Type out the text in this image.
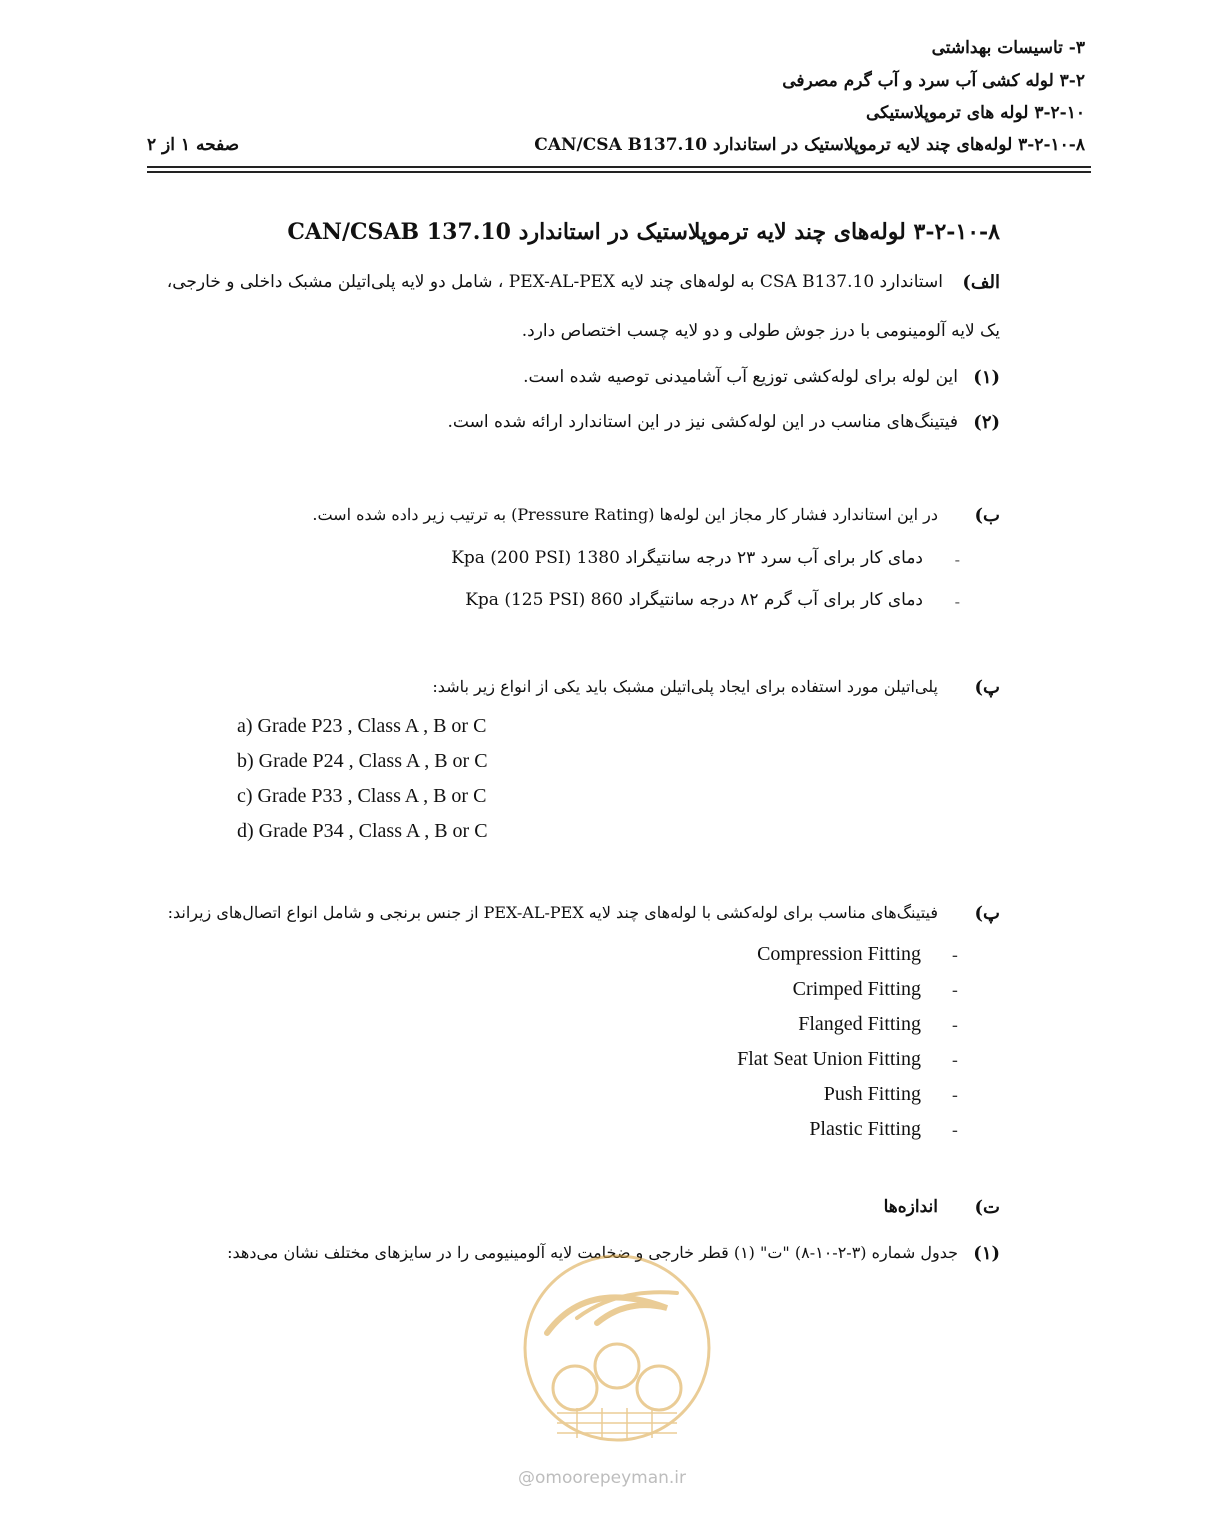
۳- تاسیسات بهداشتی
۳-۲ لوله کشی آب سرد و آب گرم مصرفی
۳-۲-۱۰ لوله های ترموپلاستیکی
۳-۲-۱۰-۸ لوله‌های چند لایه ترموپلاستیک در استاندارد CAN/CSA B137.10
صفحه ۱ از ۲
۳-۲-۱۰-۸ لوله‌های چند لایه ترموپلاستیک در استاندارد CAN/CSAB 137.10
الف)
استاندارد CSA B137.10 به لوله‌های چند لایه PEX-AL-PEX ، شامل دو لایه پلی‌اتیلن مشبک داخلی و خارجی،
یک لایه آلومینومی با درز جوش طولی و دو لایه چسب اختصاص دارد.
(۱)
این لوله برای لوله‌کشی توزیع آب آشامیدنی توصیه شده است.
(۲)
فیتینگ‌های مناسب در این لوله‌کشی نیز در این استاندارد ارائه شده است.
ب)
در این استاندارد فشار کار مجاز این لوله‌ها (Pressure Rating) به ترتیب زیر داده شده است.
-
دمای کار برای آب سرد ۲۳ درجه سانتیگراد 1380 Kpa (200 PSI)
-
دمای کار برای آب گرم ۸۲ درجه سانتیگراد 860 Kpa (125 PSI)
پ)
پلی‌اتیلن مورد استفاده برای ایجاد پلی‌اتیلن مشبک باید یکی از انواع زیر باشد:
a) Grade P23 , Class A , B or C
b) Grade P24 , Class A , B or C
c) Grade P33 , Class A , B or C
d) Grade P34 , Class A , B or C
پ)
فیتینگ‌های مناسب برای لوله‌کشی با لوله‌های چند لایه PEX-AL-PEX از جنس برنجی و شامل انواع اتصال‌های زیراند:
Compression Fitting -
Crimped Fitting -
Flanged Fitting -
Flat Seat Union Fitting -
Push Fitting -
Plastic Fitting -
ت)
اندازه‌ها
(۱)
جدول شماره (۳-۲-۱۰-۸) "ت" (۱) قطر خارجی و ضخامت لایه آلومینیومی را در سایزهای مختلف نشان می‌دهد:
@omoorepeyman.ir
